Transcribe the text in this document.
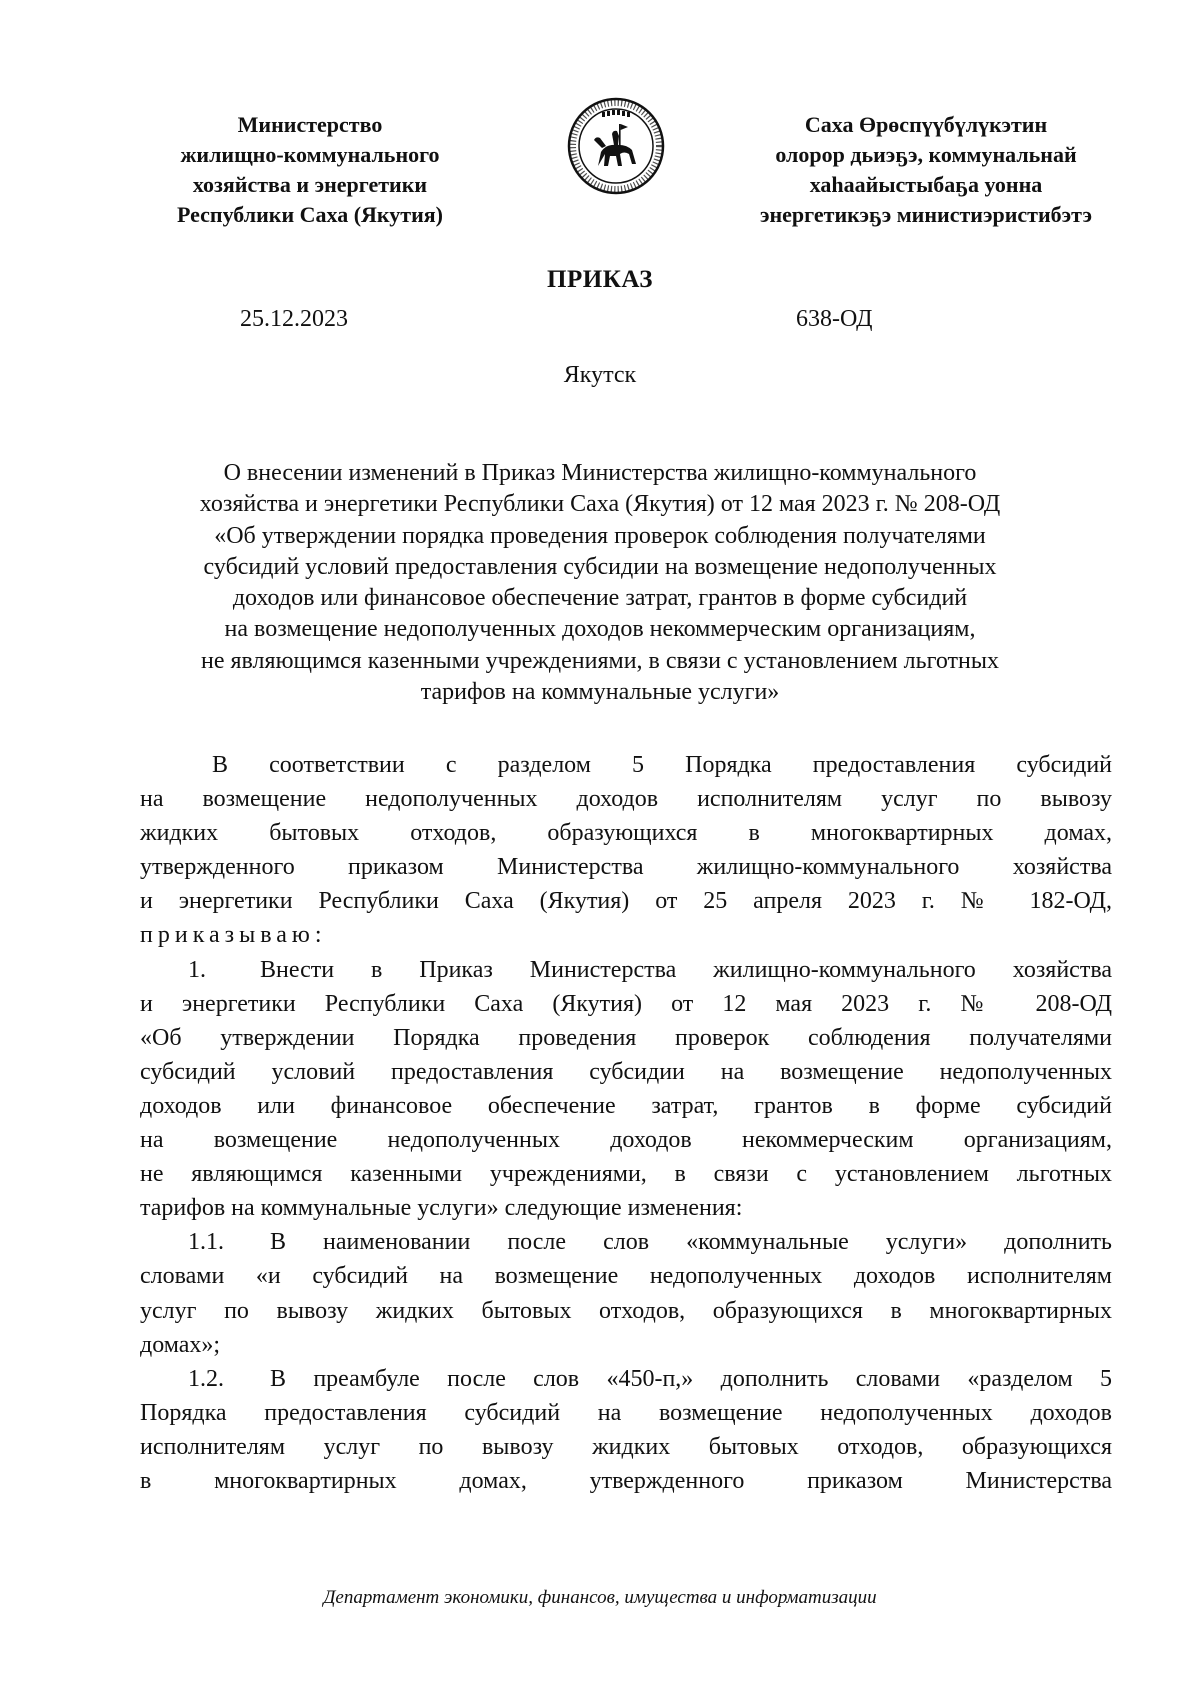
Министерство
жилищно-коммунального
хозяйства и энергетики
Республики Саха (Якутия)
Саха Өрөспүүбүлүкэтин
олорор дьиэҕэ, коммунальнай
хаһаайыстыбаҕа уонна
энергетикэҕэ министиэристибэтэ
ПРИКАЗ
25.12.2023	638-ОД
Якутск
О внесении изменений в Приказ Министерства жилищно-коммунального
хозяйства и энергетики Республики Саха (Якутия) от 12 мая 2023 г. № 208-ОД
«Об утверждении порядка проведения проверок соблюдения получателями
субсидий условий предоставления субсидии на возмещение недополученных
доходов или финансовое обеспечение затрат, грантов в форме субсидий
на возмещение недополученных доходов некоммерческим организациям,
не являющимся казенными учреждениями, в связи с установлением льготных
тарифов на коммунальные услуги»
В соответствии с разделом 5 Порядка предоставления субсидий
на возмещение недополученных доходов исполнителям услуг по вывозу
жидких бытовых отходов, образующихся в многоквартирных домах,
утвержденного приказом Министерства жилищно-коммунального хозяйства
и энергетики Республики Саха (Якутия) от 25 апреля 2023 г. № 182-ОД,
приказываю:
1.	Внести в Приказ Министерства жилищно-коммунального хозяйства
и энергетики Республики Саха (Якутия) от 12 мая 2023 г. № 208-ОД
«Об утверждении Порядка проведения проверок соблюдения получателями
субсидий условий предоставления субсидии на возмещение недополученных
доходов или финансовое обеспечение затрат, грантов в форме субсидий
на возмещение недополученных доходов некоммерческим организациям,
не являющимся казенными учреждениями, в связи с установлением льготных
тарифов на коммунальные услуги» следующие изменения:
1.1.	В наименовании после слов «коммунальные услуги» дополнить
словами «и субсидий на возмещение недополученных доходов исполнителям
услуг по вывозу жидких бытовых отходов, образующихся в многоквартирных
домах»;
1.2.	В преамбуле после слов «450-п,» дополнить словами «разделом 5
Порядка предоставления субсидий на возмещение недополученных доходов
исполнителям услуг по вывозу жидких бытовых отходов, образующихся
в многоквартирных домах, утвержденного приказом Министерства
Департамент экономики, финансов, имущества и информатизации
